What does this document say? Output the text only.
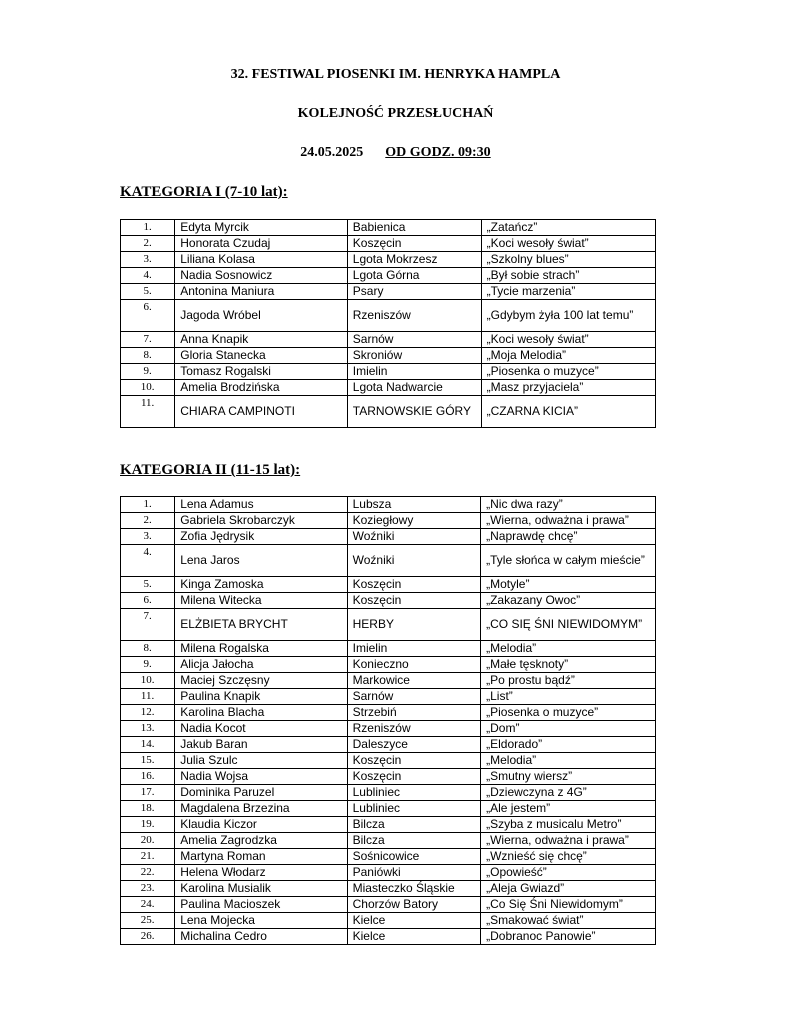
32. FESTIWAL PIOSENKI IM. HENRYKA HAMPLA
KOLEJNOŚĆ PRZESŁUCHAŃ
24.05.2025 OD GODZ. 09:30
KATEGORIA I (7-10 lat):
1.	Edyta Myrcik	Babienica	„Zatańcz”
2.	Honorata Czudaj	Koszęcin	„Koci wesoły świat”
3.	Liliana Kolasa	Lgota Mokrzesz	„Szkolny blues”
4.	Nadia Sosnowicz	Lgota Górna	„Był sobie strach”
5.	Antonina Maniura	Psary	„Tycie marzenia”
6.	Jagoda Wróbel	Rzeniszów	„Gdybym żyła 100 lat temu”
7.	Anna Knapik	Sarnów	„Koci wesoły świat”
8.	Gloria Stanecka	Skroniów	„Moja Melodia”
9.	Tomasz Rogalski	Imielin	„Piosenka o muzyce”
10.	Amelia Brodzińska	Lgota Nadwarcie	„Masz przyjaciela”
11.	CHIARA CAMPINOTI	TARNOWSKIE GÓRY	„CZARNA KICIA”
KATEGORIA II (11-15 lat):
1.	Lena Adamus	Lubsza	„Nic dwa razy”
2.	Gabriela Skrobarczyk	Koziegłowy	„Wierna, odważna i prawa”
3.	Zofia Jędrysik	Woźniki	„Naprawdę chcę”
4.	Lena Jaros	Woźniki	„Tyle słońca w całym mieście”
5.	Kinga Zamoska	Koszęcin	„Motyle”
6.	Milena Witecka	Koszęcin	„Zakazany Owoc”
7.	ELŻBIETA BRYCHT	HERBY	„CO SIĘ ŚNI NIEWIDOMYM”
8.	Milena Rogalska	Imielin	„Melodia”
9.	Alicja Jałocha	Konieczno	„Małe tęsknoty”
10.	Maciej Szczęsny	Markowice	„Po prostu bądź”
11.	Paulina Knapik	Sarnów	„List”
12.	Karolina Blacha	Strzebiń	„Piosenka o muzyce”
13.	Nadia Kocot	Rzeniszów	„Dom”
14.	Jakub Baran	Daleszyce	„Eldorado”
15.	Julia Szulc	Koszęcin	„Melodia”
16.	Nadia Wojsa	Koszęcin	„Smutny wiersz”
17.	Dominika Paruzel	Lubliniec	„Dziewczyna z 4G”
18.	Magdalena Brzezina	Lubliniec	„Ale jestem”
19.	Klaudia Kiczor	Bilcza	„Szyba z musicalu Metro”
20.	Amelia Zagrodzka	Bilcza	„Wierna, odważna i prawa”
21.	Martyna Roman	Sośnicowice	„Wznieść się chcę”
22.	Helena Włodarz	Paniówki	„Opowieść”
23.	Karolina Musialik	Miasteczko Śląskie	„Aleja Gwiazd”
24.	Paulina Macioszek	Chorzów Batory	„Co Się Śni Niewidomym”
25.	Lena Mojecka	Kielce	„Smakować świat”
26.	Michalina Cedro	Kielce	„Dobranoc Panowie”
